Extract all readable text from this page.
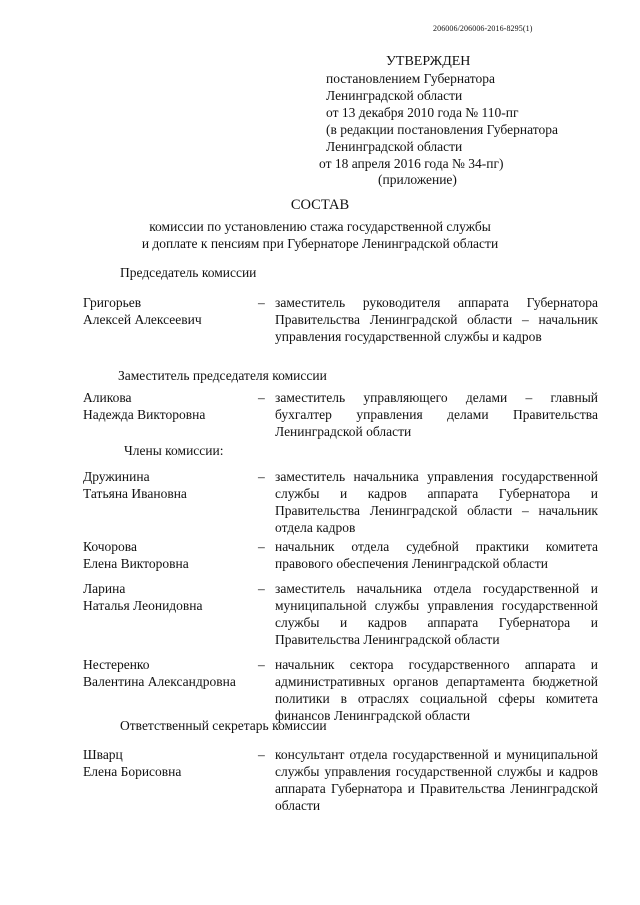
206006/206006-2016-8295(1)
УТВЕРЖДЕН
постановлением Губернатора
Ленинградской области
от 13 декабря 2010 года № 110-пг
(в редакции постановления Губернатора
Ленинградской области
от 18 апреля 2016 года № 34-пг)
(приложение)
СОСТАВ
комиссии по установлению стажа государственной службы
и доплате к пенсиям при Губернаторе Ленинградской области
Председатель комиссии
Григорьев
Алексей Алексеевич
– заместитель руководителя аппарата Губернатора Правительства Ленинградской области – начальник управления государственной службы и кадров
Заместитель председателя комиссии
Аликова
Надежда Викторовна
– заместитель управляющего делами – главный бухгалтер управления делами Правительства Ленинградской области
Члены комиссии:
Дружинина
Татьяна Ивановна
– заместитель начальника управления государственной службы и кадров аппарата Губернатора и Правительства Ленинградской области – начальник отдела кадров
Кочорова
Елена Викторовна
– начальник отдела судебной практики комитета правового обеспечения Ленинградской области
Ларина
Наталья Леонидовна
– заместитель начальника отдела государственной и муниципальной службы управления государственной службы и кадров аппарата Губернатора и Правительства Ленинградской области
Нестеренко
Валентина Александровна
– начальник сектора государственного аппарата и административных органов департамента бюджетной политики в отраслях социальной сферы комитета финансов Ленинградской области
Ответственный секретарь комиссии
Шварц
Елена Борисовна
– консультант отдела государственной и муниципальной службы управления государственной службы и кадров аппарата Губернатора и Правительства Ленинградской области
